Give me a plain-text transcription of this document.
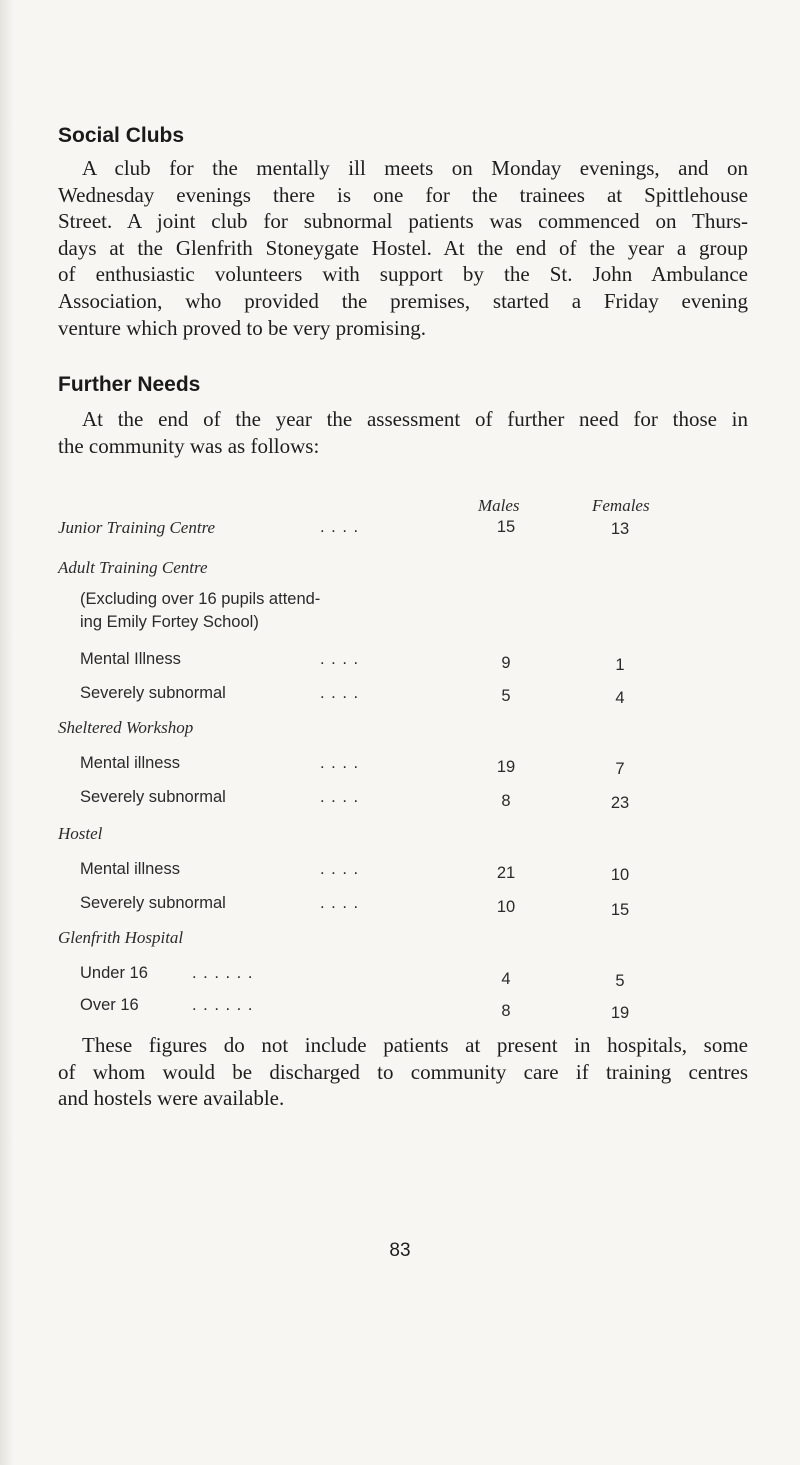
Social Clubs
A club for the mentally ill meets on Monday evenings, and on
Wednesday evenings there is one for the trainees at Spittlehouse
Street. A joint club for subnormal patients was commenced on Thurs-
days at the Glenfrith Stoneygate Hostel. At the end of the year a group
of enthusiastic volunteers with support by the St. John Ambulance
Association, who provided the premises, started a Friday evening
venture which proved to be very promising.
Further Needs
At the end of the year the assessment of further need for those in
the community was as follows:
Males	Females
Junior Training Centre	. . . .	15	13
Adult Training Centre
(Excluding over 16 pupils attend-
ing Emily Fortey School)
Mental Illness	. . . .	9	1
Severely subnormal	. . . .	5	4
Sheltered Workshop
Mental illness	. . . .	19	7
Severely subnormal	. . . .	8	23
Hostel
Mental illness	. . . .	21	10
Severely subnormal	. . . .	10	15
Glenfrith Hospital
Under 16	. . . . . .	4	5
Over 16	. . . . . .	8	19
These figures do not include patients at present in hospitals, some
of whom would be discharged to community care if training centres
and hostels were available.
83
